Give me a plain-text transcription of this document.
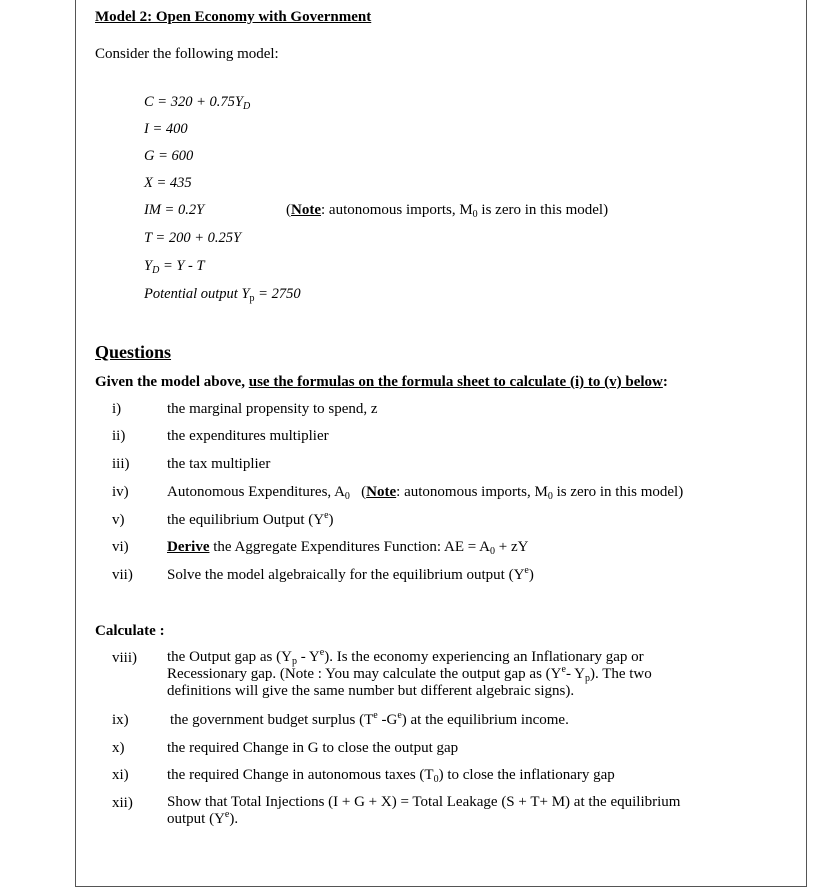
Model 2: Open Economy with Government
Consider the following model:
$C = 320 + 0.75Y_D$
I = 400
G = 600
X = 435
IM = 0.2Y	(Note: autonomous imports, $M_0$ is zero in this model)
T = 200 + 0.25Y
$Y_D = Y - T$
Potential output $Y_p = 2750$
Questions
Given the model above, use the formulas on the formula sheet to calculate (i) to (v) below:
i)	the marginal propensity to spend, z
ii)	the expenditures multiplier
iii)	the tax multiplier
iv)	Autonomous Expenditures, $A_0$   (Note: autonomous imports, $M_0$ is zero in this model)
v)	the equilibrium Output $(Y^e)$
vi)	Derive the Aggregate Expenditures Function: AE = $A_0$ + zY
vii)	Solve the model algebraically for the equilibrium output $(Y^e)$
Calculate :
viii)	the Output gap as $(Y_p - Y^e)$. Is the economy experiencing an Inflationary gap or
Recessionary gap. (Note : You may calculate the output gap as ($Y^e-$ $Y_p$). The two
definitions will give the same number but different algebraic signs).
ix)	the government budget surplus ($T^e$ $-G^e$) at the equilibrium income.
x)	the required Change in G to close the output gap
xi)	the required Change in autonomous taxes $(T_0)$ to close the inflationary gap
xii)	Show that Total Injections (I + G + X) = Total Leakage (S + T+ M) at the equilibrium
output $(Y^e)$.
